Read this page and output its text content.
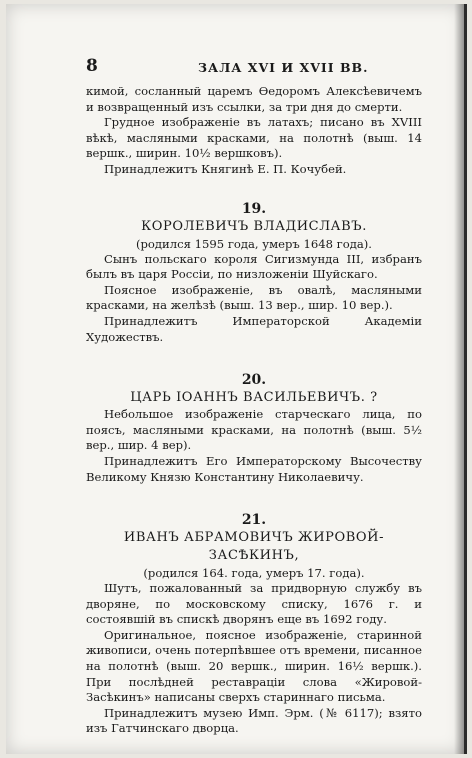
8	ЗАЛА XVI И XVII ВВ.

кимой, сосланный царемъ Ѳедоромъ Алексѣевичемъ и возвращенный изъ ссылки, за три дня до смерти.

Грудное изображеніе въ латахъ; писано въ XVIII вѣкѣ, масляными красками, на полотнѣ (выш. 14 вершк., ширин. 10½ вершковъ).

Принадлежитъ Княгинѣ Е. П. Кочубей.

19.

КОРОЛЕВИЧЪ ВЛАДИСЛАВЪ.

(родился 1595 года, умеръ 1648 года).

Сынъ польскаго короля Сигизмунда III, избранъ былъ въ царя Россіи, по низложеніи Шуйскаго.

Поясное изображеніе, въ овалѣ, масляными красками, на желѣзѣ (выш. 13 вер., шир. 10 вер.).

Принадлежитъ Императорской Академіи Художествъ.

20.

ЦАРЬ ІОАННЪ ВАСИЛЬЕВИЧЪ. ?

Небольшое изображеніе старческаго лица, по поясъ, масляными красками, на полотнѣ (выш. 5½ вер., шир. 4 вер).

Принадлежитъ Его Императорскому Высочеству Великому Князю Константину Николаевичу.

21.

ИВАНЪ АБРАМОВИЧЪ ЖИРОВОЙ-ЗАСѢКИНЪ,

(родился 164. года, умеръ 17. года).

Шутъ, пожалованный за придворную службу въ дворяне, по московскому списку, 1676 г. и состоявшій въ спискѣ дворянъ еще въ 1692 году.

Оригинальное, поясное изображеніе, старинной живописи, очень потерпѣвшее отъ времени, писанное на полотнѣ (выш. 20 вершк., ширин. 16½ вершк.). При послѣдней реставраціи слова «Жировой-Засѣкинъ» написаны сверхъ стариннаго письма.

Принадлежитъ музею Имп. Эрм. (№ 6117); взято изъ Гатчинскаго дворца.
